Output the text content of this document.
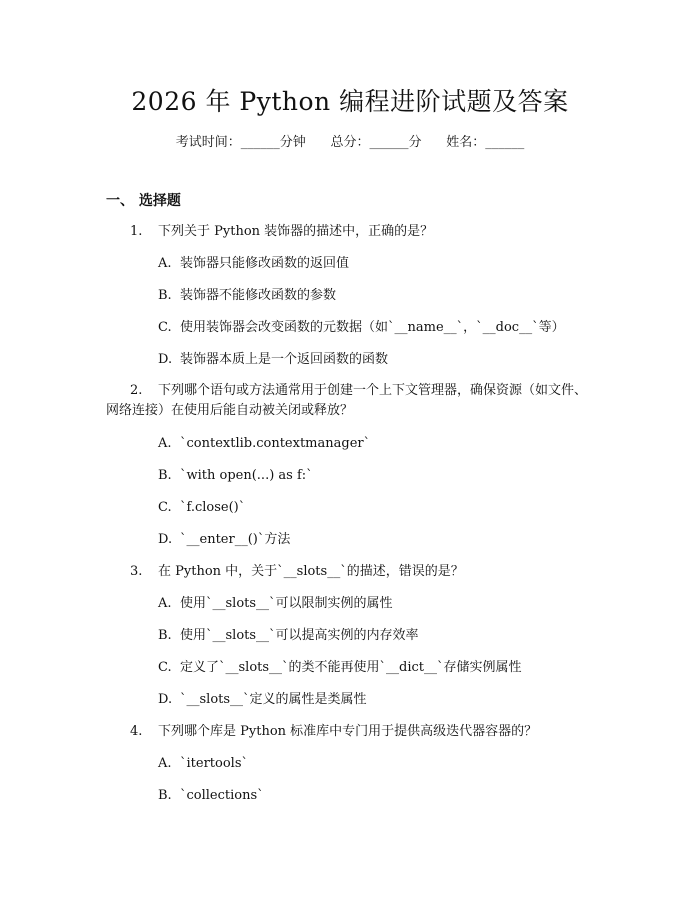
2026 年 Python 编程进阶试题及答案
考试时间：______分钟      总分：______分      姓名：______
一、 选择题
1. 下列关于 Python 装饰器的描述中，正确的是？
A. 装饰器只能修改函数的返回值
B. 装饰器不能修改函数的参数
C. 使用装饰器会改变函数的元数据（如`__name__`，`__doc__`等）
D. 装饰器本质上是一个返回函数的函数
2. 下列哪个语句或方法通常用于创建一个上下文管理器，确保资源（如文件、网络连接）在使用后能自动被关闭或释放？
A. `contextlib.contextmanager`
B. `with open(...) as f:`
C. `f.close()`
D. `__enter__()`方法
3. 在 Python 中，关于`__slots__`的描述，错误的是？
A. 使用`__slots__`可以限制实例的属性
B. 使用`__slots__`可以提高实例的内存效率
C. 定义了`__slots__`的类不能再使用`__dict__`存储实例属性
D. `__slots__`定义的属性是类属性
4. 下列哪个库是 Python 标准库中专门用于提供高级迭代器容器的？
A. `itertools`
B. `collections`
